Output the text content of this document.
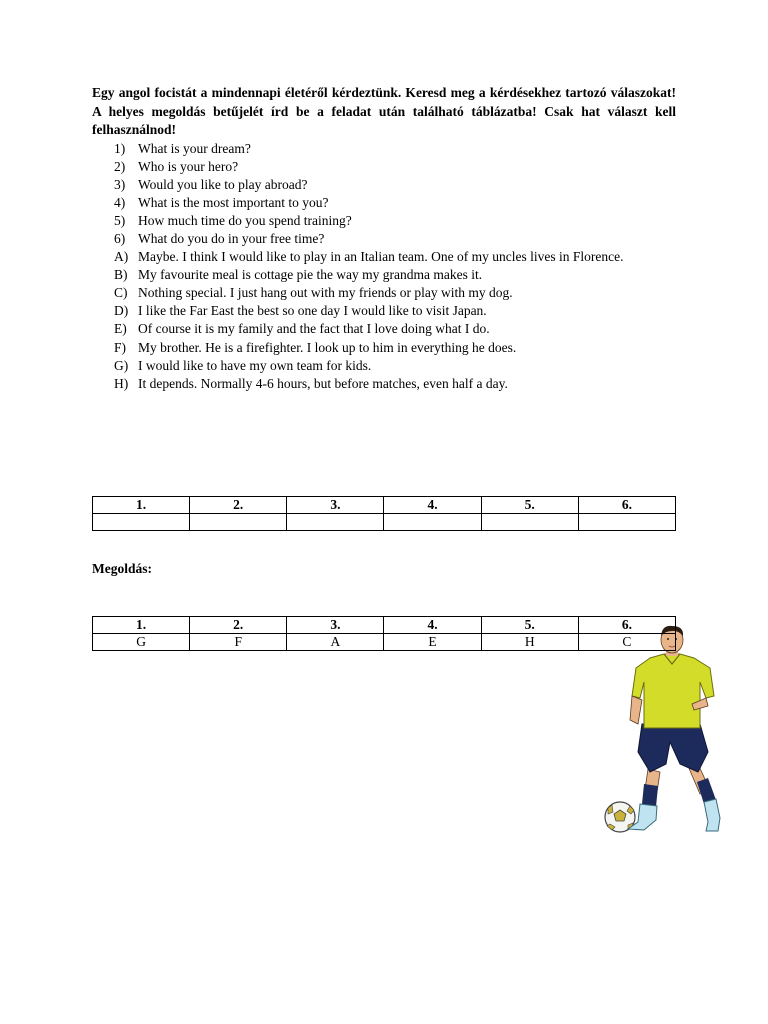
Egy angol focistát a mindennapi életéről kérdeztünk. Keresd meg a kérdésekhez tartozó válaszokat! A helyes megoldás betűjelét írd be a feladat után található táblázatba! Csak hat választ kell felhasználnod!

1) What is your dream?
2) Who is your hero?
3) Would you like to play abroad?
4) What is the most important to you?
5) How much time do you spend training?
6) What do you do in your free time?
A) Maybe. I think I would like to play in an Italian team. One of my uncles lives in Florence.
B) My favourite meal is cottage pie the way my grandma makes it.
C) Nothing special. I just hang out with my friends or play with my dog.
D) I like the Far East the best so one day I would like to visit Japan.
E) Of course it is my family and the fact that I love doing what I do.
F) My brother. He is a firefighter. I look up to him in everything he does.
G) I would like to have my own team for kids.
H) It depends. Normally 4-6 hours, but before matches, even half a day.
1.	2.	3.	4.	5.	6.

Megoldás:
1.	2.	3.	4.	5.	6.
G	F	A	E	H	C
